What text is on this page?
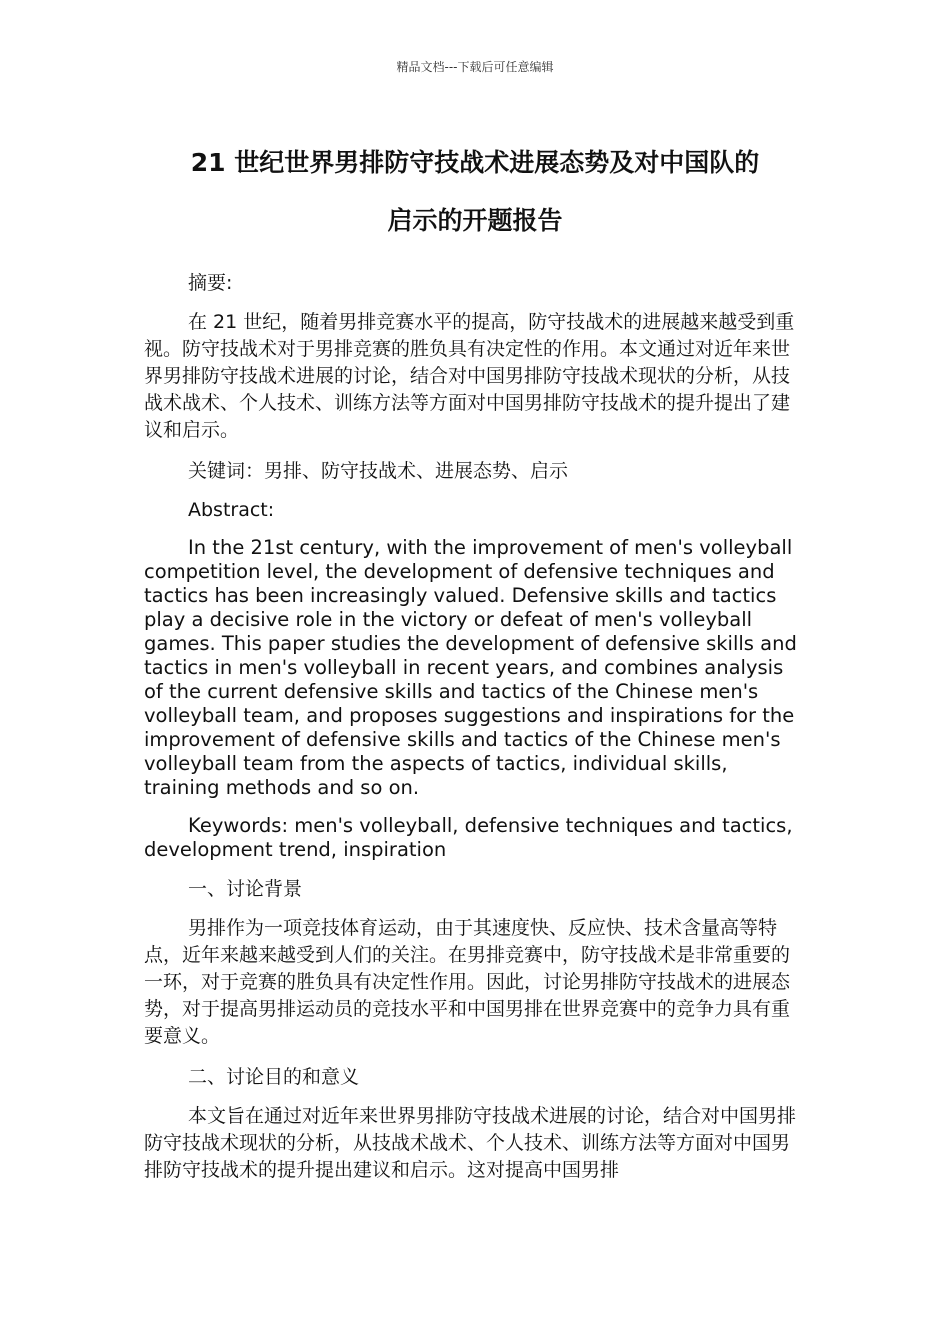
精品文档---下载后可任意编辑
21 世纪世界男排防守技战术进展态势及对中国队的
启示的开题报告

摘要:

在 21 世纪，随着男排竞赛水平的提高，防守技战术的进展越来越受到重视。防守技战术对于男排竞赛的胜负具有决定性的作用。本文通过对近年来世界男排防守技战术进展的讨论，结合对中国男排防守技战术现状的分析，从技战术战术、个人技术、训练方法等方面对中国男排防守技战术的提升提出了建议和启示。

关键词：男排、防守技战术、进展态势、启示

Abstract:

In the 21st century, with the improvement of men's volleyball competition level, the development of defensive techniques and tactics has been increasingly valued. Defensive skills and tactics play a decisive role in the victory or defeat of men's volleyball games. This paper studies the development of defensive skills and tactics in men's volleyball in recent years, and combines analysis of the current defensive skills and tactics of the Chinese men's volleyball team, and proposes suggestions and inspirations for the improvement of defensive skills and tactics of the Chinese men's volleyball team from the aspects of tactics, individual skills, training methods and so on.

Keywords: men's volleyball, defensive techniques and tactics, development trend, inspiration

一、讨论背景

男排作为一项竞技体育运动，由于其速度快、反应快、技术含量高等特点，近年来越来越受到人们的关注。在男排竞赛中，防守技战术是非常重要的一环，对于竞赛的胜负具有决定性作用。因此，讨论男排防守技战术的进展态势，对于提高男排运动员的竞技水平和中国男排在世界竞赛中的竞争力具有重要意义。

二、讨论目的和意义

本文旨在通过对近年来世界男排防守技战术进展的讨论，结合对中国男排防守技战术现状的分析，从技战术战术、个人技术、训练方法等方面对中国男排防守技战术的提升提出建议和启示。这对提高中国男排
